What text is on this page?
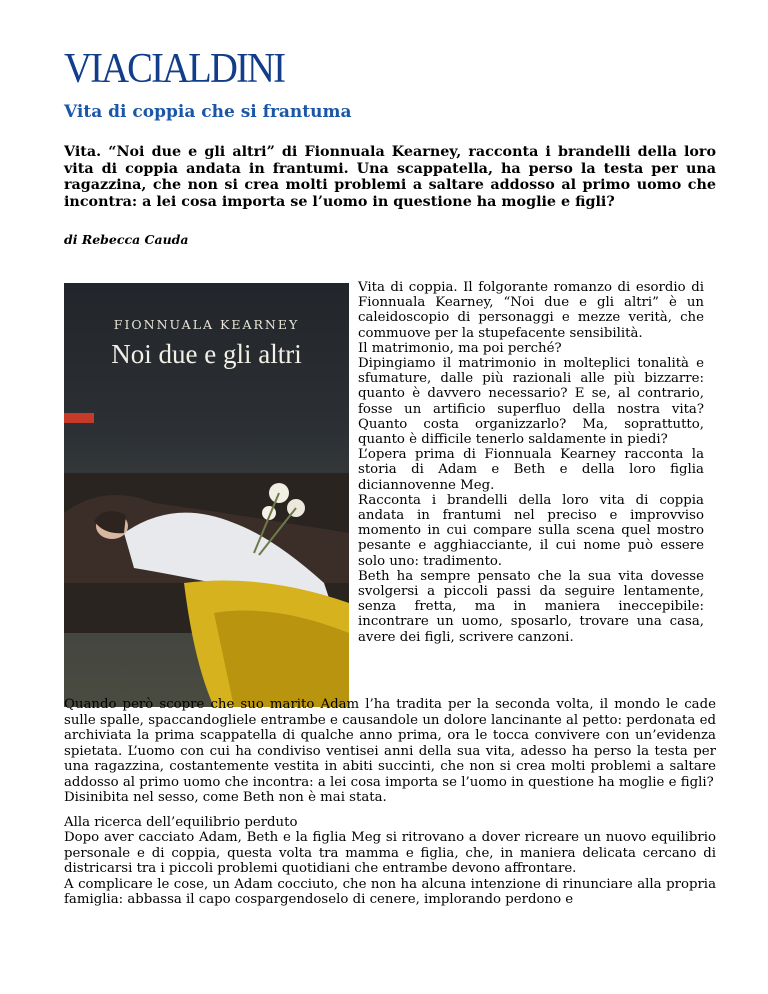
VIACIALDINI
Vita di coppia che si frantuma

Vita. “Noi due e gli altri” di Fionnuala Kearney, racconta i brandelli della loro vita di coppia andata in frantumi. Una scappatella, ha perso la testa per una ragazzina, che non si crea molti problemi a saltare addosso al primo uomo che incontra: a lei cosa importa se l’uomo in questione ha moglie e figli?

di Rebecca Cauda

FIONNUALA KEARNEY
Noi due e gli altri

Vita di coppia. Il folgorante romanzo di esordio di Fionnuala Kearney, “Noi due e gli altri” è un caleidoscopio di personaggi e mezze verità, che commuove per la stupefacente sensibilità.

Il matrimonio, ma poi perché?

Dipingiamo il matrimonio in molteplici tonalità e sfumature, dalle più razionali alle più bizzarre: quanto è davvero necessario? E se, al contrario, fosse un artificio superfluo della nostra vita? Quanto costa organizzarlo? Ma, soprattutto, quanto è difficile tenerlo saldamente in piedi?

L’opera prima di Fionnuala Kearney racconta la storia di Adam e Beth e della loro figlia diciannovenne Meg.

Racconta i brandelli della loro vita di coppia andata in frantumi nel preciso e improvviso momento in cui compare sulla scena quel mostro pesante e agghiacciante, il cui nome può essere solo uno: tradimento.

Beth ha sempre pensato che la sua vita dovesse svolgersi a piccoli passi da seguire lentamente, senza fretta, ma in maniera ineccepibile: incontrare un uomo, sposarlo, trovare una casa, avere dei figli, scrivere canzoni.

Quando però scopre che suo marito Adam l’ha tradita per la seconda volta, il mondo le cade sulle spalle, spaccandogliele entrambe e causandole un dolore lancinante al petto: perdonata ed archiviata la prima scappatella di qualche anno prima, ora le tocca convivere con un’evidenza spietata. L’uomo con cui ha condiviso ventisei anni della sua vita, adesso ha perso la testa per una ragazzina, costantemente vestita in abiti succinti, che non si crea molti problemi a saltare addosso al primo uomo che incontra: a lei cosa importa se l’uomo in questione ha moglie e figli?

Disinibita nel sesso, come Beth non è mai stata.

Alla ricerca dell’equilibrio perduto

Dopo aver cacciato Adam, Beth e la figlia Meg si ritrovano a dover ricreare un nuovo equilibrio personale e di coppia, questa volta tra mamma e figlia, che, in maniera delicata cercano di districarsi tra i piccoli problemi quotidiani che entrambe devono affrontare.

A complicare le cose, un Adam cocciuto, che non ha alcuna intenzione di rinunciare alla propria famiglia: abbassa il capo cospargendoselo di cenere, implorando perdono e
